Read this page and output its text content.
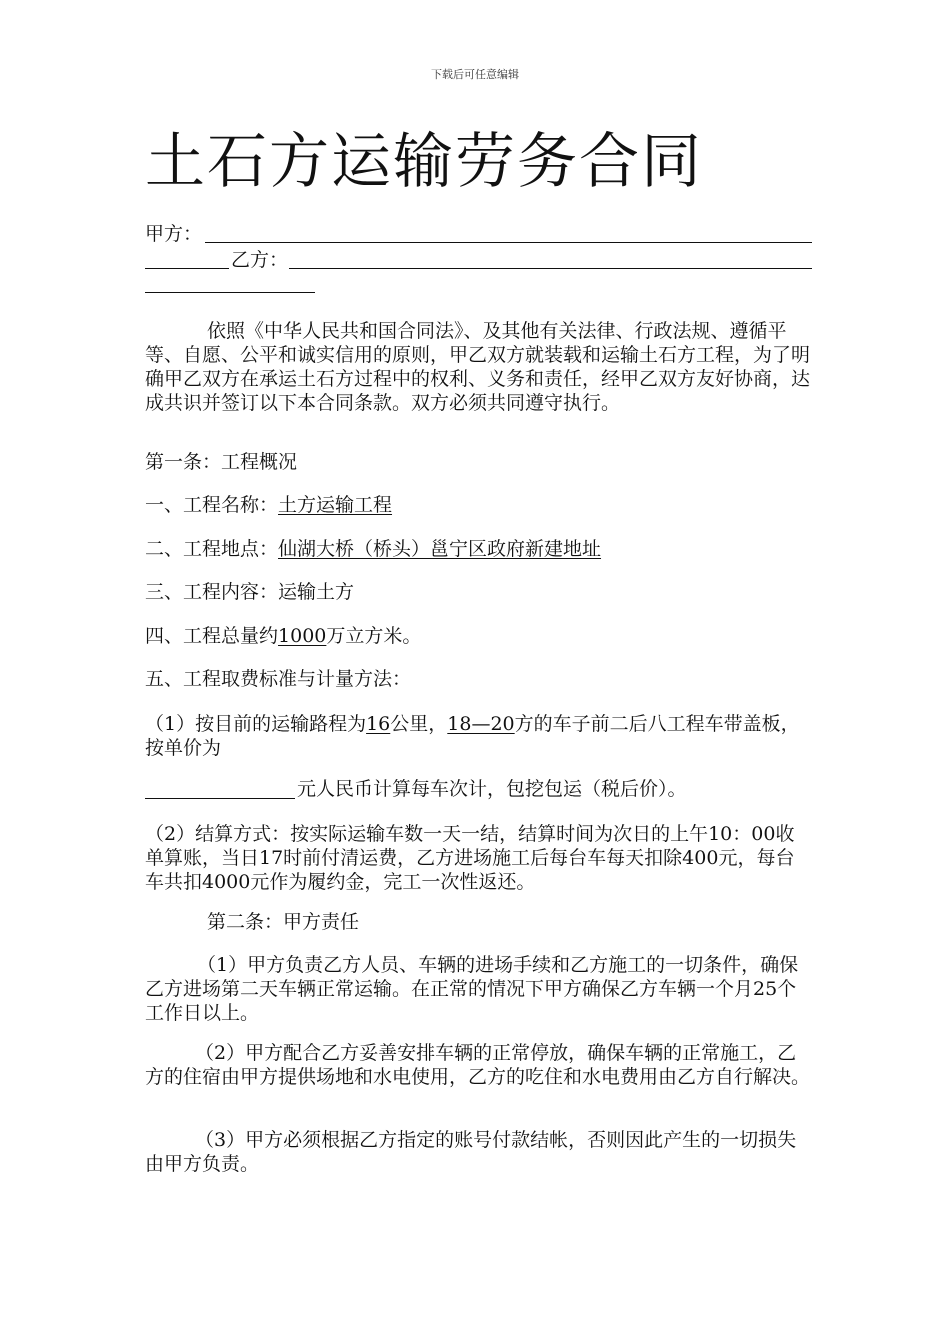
下载后可任意编辑
土石方运输劳务合同
甲方：
乙方：
依照《中华人民共和国合同法》、及其他有关法律、行政法规、遵循平等、自愿、公平和诚实信用的原则，甲乙双方就装载和运输土石方工程，为了明确甲乙双方在承运土石方过程中的权利、义务和责任，经甲乙双方友好协商，达成共识并签订以下本合同条款。双方必须共同遵守执行。
第一条：工程概况
一、工程名称：土方运输工程
二、工程地点：仙湖大桥（桥头）邕宁区政府新建地址
三、工程内容：运输土方
四、工程总量约1000万立方米。
五、工程取费标准与计量方法：
（1）按目前的运输路程为16公里，18—20方的车子前二后八工程车带盖板，按单价为
元人民币计算每车次计，包挖包运（税后价）。
（2）结算方式：按实际运输车数一天一结，结算时间为次日的上午10：00收单算账，当日17时前付清运费，乙方进场施工后每台车每天扣除400元，每台车共扣4000元作为履约金，完工一次性返还。
第二条：甲方责任
（1）甲方负责乙方人员、车辆的进场手续和乙方施工的一切条件，确保乙方进场第二天车辆正常运输。在正常的情况下甲方确保乙方车辆一个月25个工作日以上。
（2）甲方配合乙方妥善安排车辆的正常停放，确保车辆的正常施工，乙方的住宿由甲方提供场地和水电使用，乙方的吃住和水电费用由乙方自行解决。
（3）甲方必须根据乙方指定的账号付款结帐，否则因此产生的一切损失由甲方负责。
